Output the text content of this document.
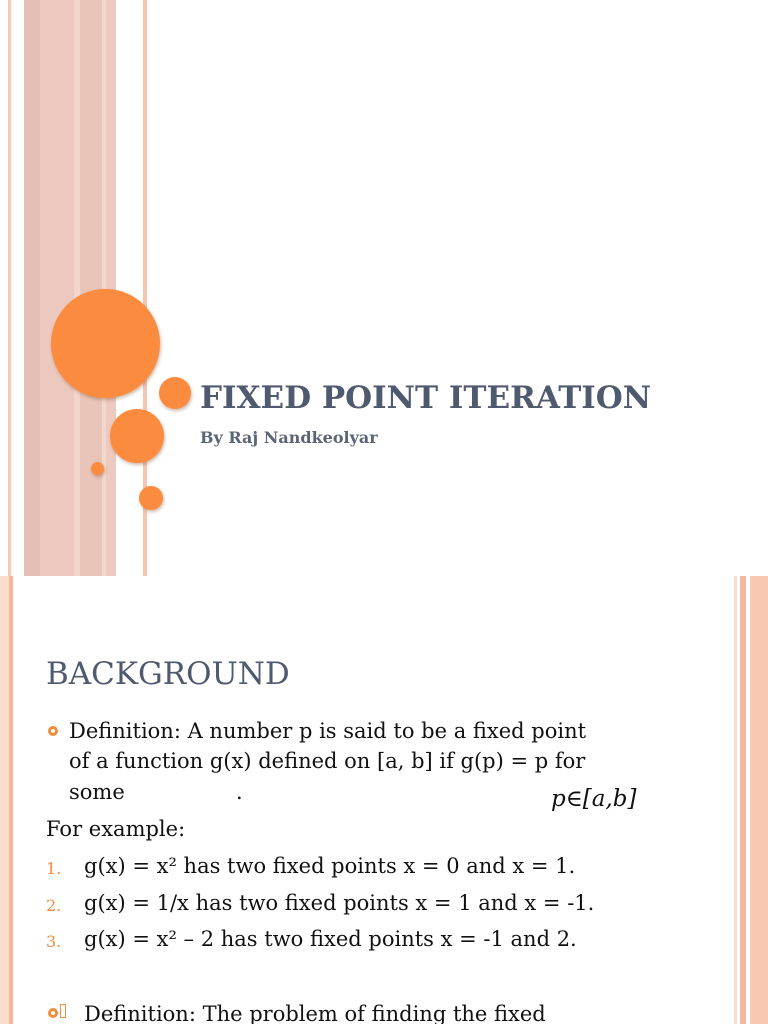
FIXED POINT ITERATION
By Raj Nandkeolyar
BACKGROUND
Definition: A number p is said to be a fixed point
of a function g(x) defined on [a, b] if g(p) = p for
some	.	p∈[a,b]
For example:
1. g(x) = x² has two fixed points x = 0 and x = 1.
2. g(x) = 1/x has two fixed points x = 1 and x = -1.
3. g(x) = x² – 2 has two fixed points x = -1 and 2.
Definition: The problem of finding the fixed
